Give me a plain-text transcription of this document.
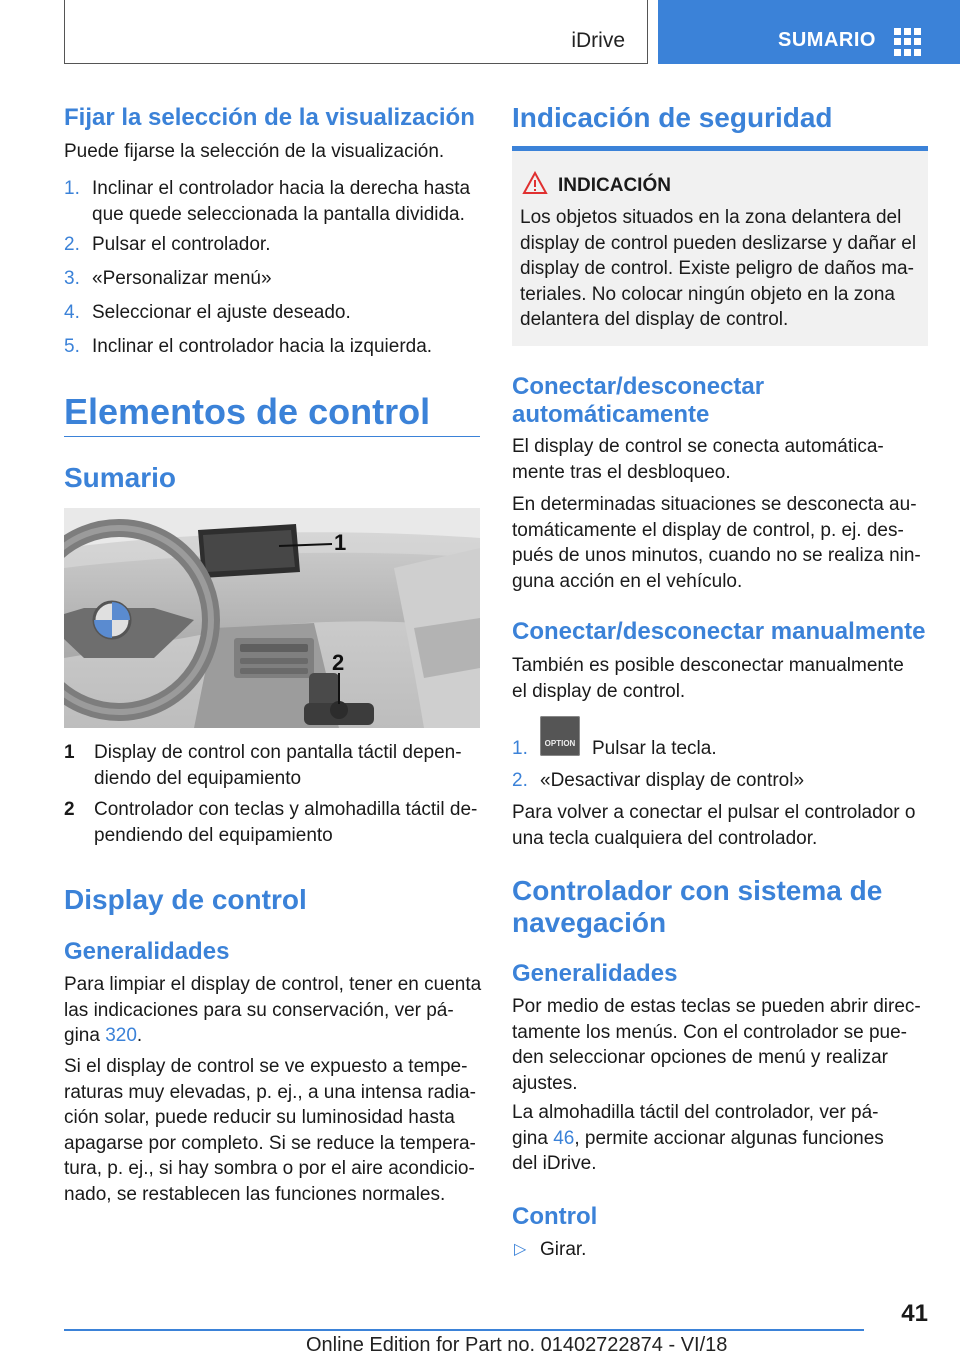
iDrive	SUMARIO
Fijar la selección de la visualización
Puede fijarse la selección de la visualización.
1. Inclinar el controlador hacia la derecha hasta
que quede seleccionada la pantalla dividida.
2. Pulsar el controlador.
3. «Personalizar menú»
4. Seleccionar el ajuste deseado.
5. Inclinar el controlador hacia la izquierda.
Elementos de control
Sumario
1
2
1 Display de control con pantalla táctil depen-
diendo del equipamiento
2 Controlador con teclas y almohadilla táctil de-
pendiendo del equipamiento
Display de control
Generalidades
Para limpiar el display de control, tener en cuenta
las indicaciones para su conservación, ver pá-
gina 320.
Si el display de control se ve expuesto a tempe-
raturas muy elevadas, p. ej., a una intensa radia-
ción solar, puede reducir su luminosidad hasta
apagarse por completo. Si se reduce la tempera-
tura, p. ej., si hay sombra o por el aire acondicio-
nado, se restablecen las funciones normales.
Indicación de seguridad
INDICACIÓN
Los objetos situados en la zona delantera del
display de control pueden deslizarse y dañar el
display de control. Existe peligro de daños ma-
teriales. No colocar ningún objeto en la zona
delantera del display de control.
Conectar/desconectar
automáticamente
El display de control se conecta automática-
mente tras el desbloqueo.
En determinadas situaciones se desconecta au-
tomáticamente el display de control, p. ej. des-
pués de unos minutos, cuando no se realiza nin-
guna acción en el vehículo.
Conectar/desconectar manualmente
También es posible desconectar manualmente
el display de control.
1.	OPTION Pulsar la tecla.
2. «Desactivar display de control»
Para volver a conectar el pulsar el controlador o
una tecla cualquiera del controlador.
Controlador con sistema de
navegación
Generalidades
Por medio de estas teclas se pueden abrir direc-
tamente los menús. Con el controlador se pue-
den seleccionar opciones de menú y realizar
ajustes.
La almohadilla táctil del controlador, ver pá-
gina 46, permite accionar algunas funciones
del iDrive.
Control
▷ Girar.
41
Online Edition for Part no. 01402722874 - VI/18
